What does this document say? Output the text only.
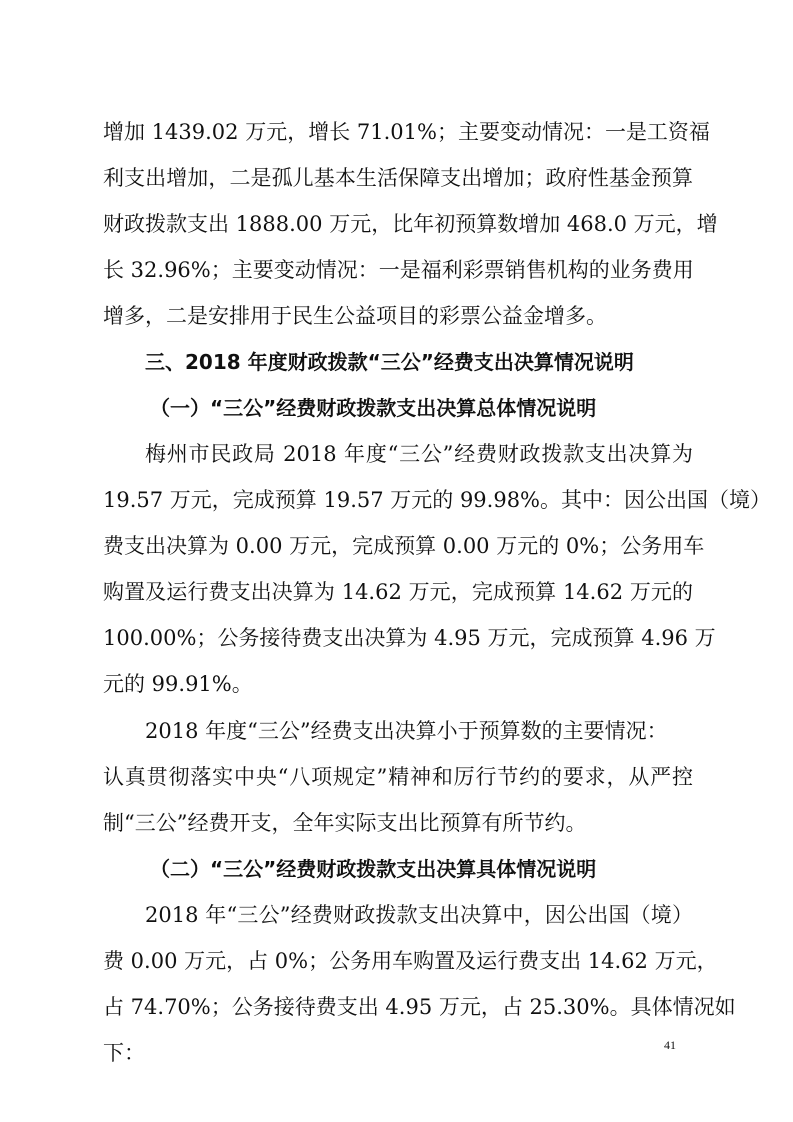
增加 1439.02 万元，增长 71.01%；主要变动情况：一是工资福
利支出增加，二是孤儿基本生活保障支出增加；政府性基金预算
财政拨款支出 1888.00 万元，比年初预算数增加 468.0 万元，增
长 32.96%；主要变动情况：一是福利彩票销售机构的业务费用
增多，二是安排用于民生公益项目的彩票公益金增多。
三、2018 年度财政拨款“三公”经费支出决算情况说明
（一）“三公”经费财政拨款支出决算总体情况说明
梅州市民政局 2018 年度“三公”经费财政拨款支出决算为
19.57 万元，完成预算 19.57 万元的 99.98%。其中：因公出国（境）
费支出决算为 0.00 万元，完成预算 0.00 万元的 0%；公务用车
购置及运行费支出决算为 14.62 万元，完成预算 14.62 万元的
100.00%；公务接待费支出决算为 4.95 万元，完成预算 4.96 万
元的 99.91%。
2018 年度“三公”经费支出决算小于预算数的主要情况：
认真贯彻落实中央“八项规定”精神和厉行节约的要求，从严控
制“三公”经费开支，全年实际支出比预算有所节约。
（二）“三公”经费财政拨款支出决算具体情况说明
2018 年“三公”经费财政拨款支出决算中，因公出国（境）
费 0.00 万元，占 0%；公务用车购置及运行费支出 14.62 万元，
占 74.70%；公务接待费支出 4.95 万元，占 25.30%。具体情况如
下：	41
